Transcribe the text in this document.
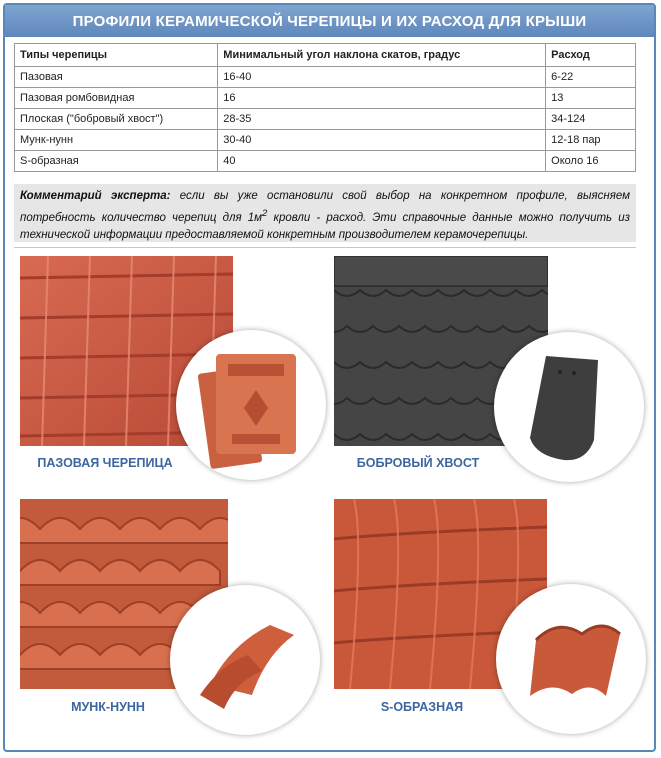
ПРОФИЛИ КЕРАМИЧЕСКОЙ ЧЕРЕПИЦЫ И ИХ РАСХОД ДЛЯ КРЫШИ
Типы черепицы	Минимальный угол наклона скатов, градус	Расход
Пазовая	16-40	6-22
Пазовая ромбовидная	16	13
Плоская ("бобровый хвост")	28-35	34-124
Мунк-нунн	30-40	12-18 пар
S-образная	40	Около 16
Комментарий эксперта: если вы уже остановили свой выбор на конкретном профиле, выясняем потребность количество черепиц для $1м^2$ кровли - расход. Эти справочные данные можно получить из технической информации предоставляемой конкретным производителем керамочерепицы.
ПАЗОВАЯ ЧЕРЕПИЦА	БОБРОВЫЙ ХВОСТ
МУНК-НУНН	S-ОБРАЗНАЯ
